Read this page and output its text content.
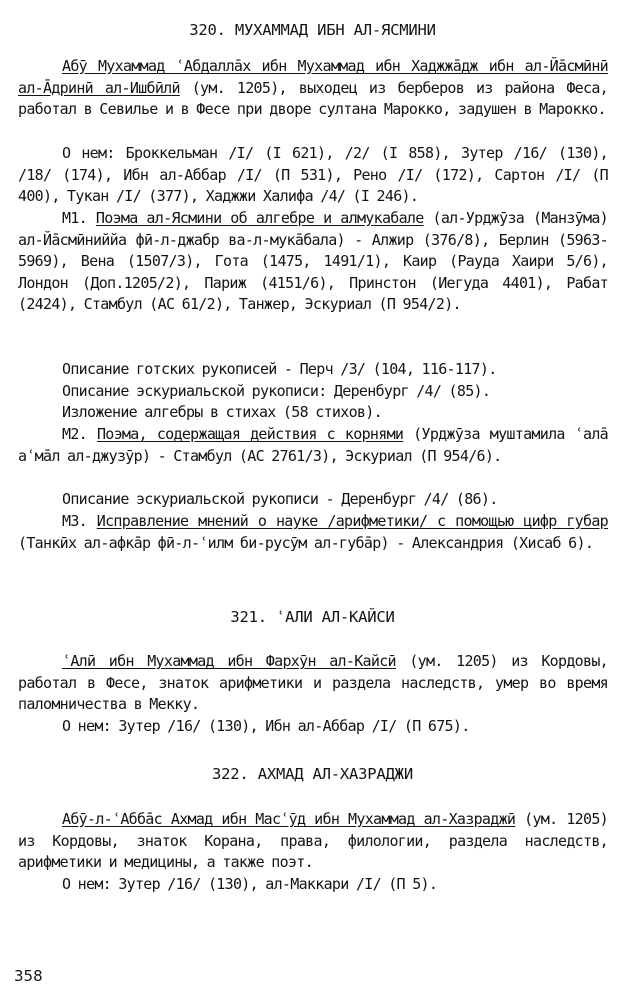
320. МУХАММАД ИБН АЛ-ЯСМИНИ

Абӯ Мухаммад ʿАбдаллāх ибн Мухаммад ибн Хаджжāдж ибн ал-Йāсмӣнӣ ал-Āдринӣ ал-Ишбӣлӣ (ум. 1205), выходец из берберов из района Феса, работал в Севилье и в Фесе при дворе султана Марокко, задушен в Марокко.

О нем: Броккельман /I/ (I 621), /2/ (I 858), Зутер /16/ (130), /18/ (174), Ибн ал-Аббар /I/ (П 531), Рено /I/ (172), Сартон /I/ (П 400), Тукан /I/ (377), Хаджжи Халифа /4/ (I 246).

М1. Поэма ал-Ясмини об алгебре и алмукабале (ал-Урджӯза (Манзӯма) ал-Йāсмӣниййа фӣ-л-джабр ва-л-мукāбала) - Алжир (376/8), Берлин (5963-5969), Вена (1507/3), Гота (1475, 1491/1), Каир (Рауда Хаири 5/6), Лондон (Доп.1205/2), Париж (4151/6), Принстон (Иегуда 4401), Рабат (2424), Стамбул (АС 61/2), Танжер, Эскуриал (П 954/2).

Описание готских рукописей - Перч /3/ (104, 116-117).

Описание эскуриальской рукописи: Деренбург /4/ (85).

Изложение алгебры в стихах (58 стихов).

М2. Поэма, содержащая действия с корнями (Урджӯза муштамила ʿалā аʿмāл ал-джузӯр) - Стамбул (АС 2761/3), Эскуриал (П 954/6).

Описание эскуриальской рукописи - Деренбург /4/ (86).

М3. Исправление мнений о науке /арифметики/ с помощью цифр губар (Танкӣх ал-афкāр фӣ-л-ʿилм би-русӯм ал-губāр) - Александрия (Хисаб 6).

321. ʿАЛИ АЛ-КАЙСИ

ʿАлӣ ибн Мухаммад ибн Фархӯн ал-Кайсӣ (ум. 1205) из Кордовы, работал в Фесе, знаток арифметики и раздела наследств, умер во время паломничества в Мекку.

О нем: Зутер /16/ (130), Ибн ал-Аббар /I/ (П 675).

322. АХМАД АЛ-ХАЗРАДЖИ

Абӯ-л-ʿАббāс Ахмад ибн Масʿӯд ибн Мухаммад ал-Хазраджӣ (ум. 1205) из Кордовы, знаток Корана, права, филологии, раздела наследств, арифметики и медицины, а также поэт.

О нем: Зутер /16/ (130), ал-Маккари /I/ (П 5).

358
